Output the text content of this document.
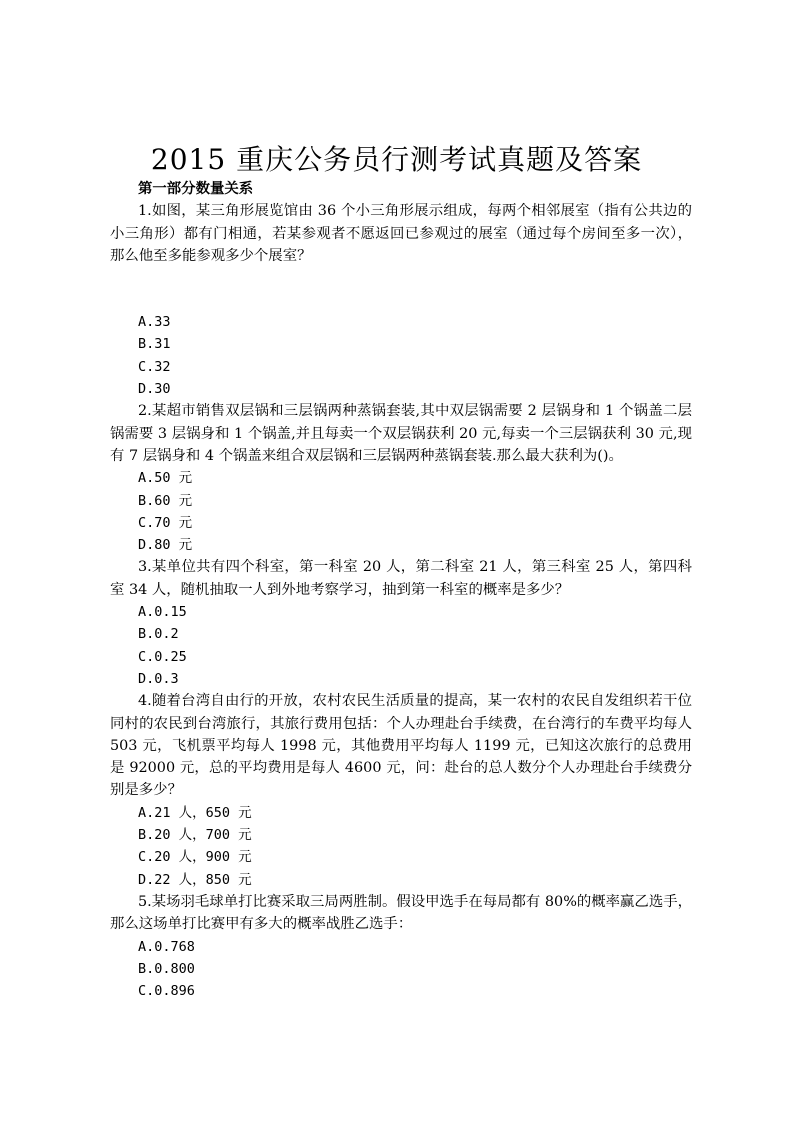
2015 重庆公务员行测考试真题及答案
第一部分数量关系

1.如图，某三角形展览馆由 36 个小三角形展示组成，每两个相邻展室（指有公共边的小三角形）都有门相通，若某参观者不愿返回已参观过的展室（通过每个房间至多一次），那么他至多能参观多少个展室？

A.33

B.31

C.32

D.30

2.某超市销售双层锅和三层锅两种蒸锅套装,其中双层锅需要 2 层锅身和 1 个锅盖二层锅需要 3 层锅身和 1 个锅盖,并且每卖一个双层锅获利 20 元,每卖一个三层锅获利 30 元,现有 7 层锅身和 4 个锅盖来组合双层锅和三层锅两种蒸锅套装.那么最大获利为()。

A.50 元

B.60 元

C.70 元

D.80 元

3.某单位共有四个科室，第一科室 20 人，第二科室 21 人，第三科室 25 人，第四科室 34 人，随机抽取一人到外地考察学习，抽到第一科室的概率是多少？

A.0.15

B.0.2

C.0.25

D.0.3

4.随着台湾自由行的开放，农村农民生活质量的提高，某一农村的农民自发组织若干位同村的农民到台湾旅行，其旅行费用包括：个人办理赴台手续费，在台湾行的车费平均每人 503 元，飞机票平均每人 1998 元，其他费用平均每人 1199 元，已知这次旅行的总费用是 92000 元，总的平均费用是每人 4600 元，问：赴台的总人数分个人办理赴台手续费分别是多少？

A.21 人，650 元

B.20 人，700 元

C.20 人，900 元

D.22 人，850 元

5.某场羽毛球单打比赛采取三局两胜制。假设甲选手在每局都有 80%的概率赢乙选手，那么这场单打比赛甲有多大的概率战胜乙选手：

A.0.768

B.0.800

C.0.896
